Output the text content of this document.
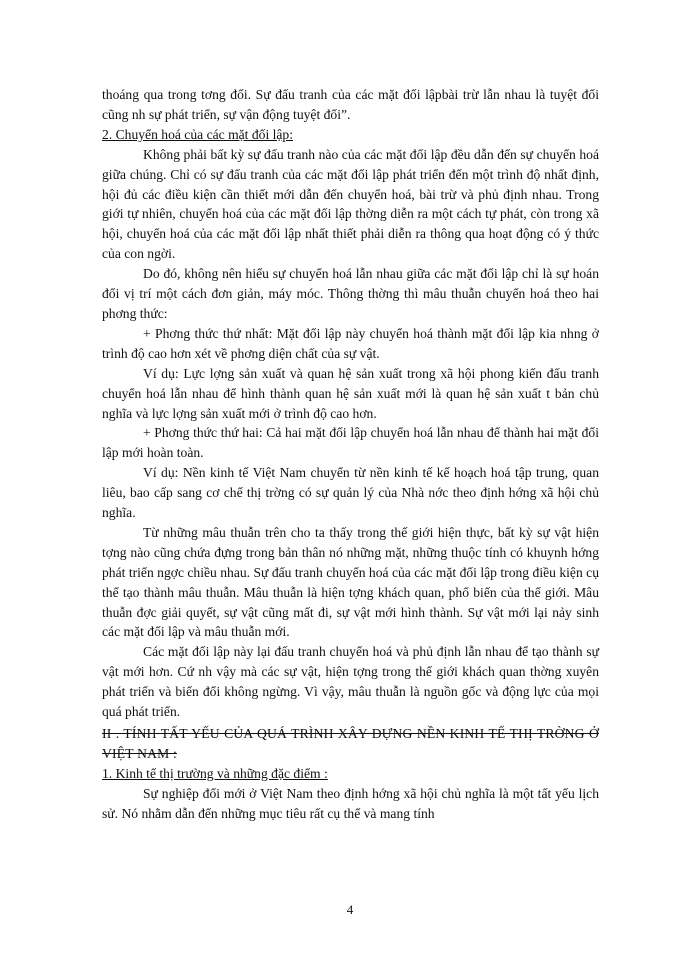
thoáng qua trong tơng đối. Sự đấu tranh của các mặt đối lậpbài trừ lẫn nhau là tuyệt đối cũng nh sự phát triển, sự vận động tuyệt đối”.

2. Chuyển hoá của các mặt đối lập:

Không phải bất kỳ sự đấu tranh nào của các mặt đối lập đều dẫn đến sự chuyển hoá giữa chúng. Chỉ có sự đấu tranh của các mặt đối lập phát triển đến một trình độ nhất định, hội đủ các điều kiện cần thiết mới dẫn đến chuyển hoá, bài trừ và phủ định nhau. Trong giới tự nhiên, chuyển hoá của các mặt đối lập thờng diễn ra một cách tự phát, còn trong xã hội, chuyển hoá của các mặt đối lập nhất thiết phải diễn ra thông qua hoạt động có ý thức của con ngời.

Do đó, không nên hiểu sự chuyển hoá lẫn nhau giữa các mặt đối lập chỉ là sự hoán đổi vị trí một cách đơn giản, máy móc. Thông thờng thì mâu thuẫn chuyển hoá theo hai phơng thức:

+ Phơng thức thứ nhất: Mặt đối lập này chuyển hoá thành mặt đối lập kia nhng ở trình độ cao hơn xét về phơng diện chất của sự vật.

Ví dụ: Lực lợng sản xuất và quan hệ sản xuất trong xã hội phong kiến đấu tranh chuyển hoá lẫn nhau để hình thành quan hệ sản xuất mới là quan hệ sản xuất t bản chủ nghĩa và lực lợng sản xuất mới ở trình độ cao hơn.

+ Phơng thức thứ hai: Cả hai mặt đối lập chuyển hoá lẫn nhau để thành hai mặt đối lập mới hoàn toàn.

Ví dụ: Nền kinh tế Việt Nam chuyển từ nền kinh tế kế hoạch hoá tập trung, quan liêu, bao cấp sang cơ chế thị trờng có sự quản lý của Nhà nớc theo định hớng xã hội chủ nghĩa.

Từ những mâu thuẫn trên cho ta thấy trong thế giới hiện thực, bất kỳ sự vật hiện tợng nào cũng chứa đựng trong bản thân nó những mặt, những thuộc tính có khuynh hớng phát triển ngợc chiều nhau. Sự đấu tranh chuyển hoá của các mặt đối lập trong điều kiện cụ thể tạo thành mâu thuẫn. Mâu thuẫn là hiện tợng khách quan, phổ biến của thế giới. Mâu thuẫn đợc giải quyết, sự vật cũng mất đi, sự vật mới hình thành. Sự vật mới lại nảy sinh các mặt đối lập và mâu thuẫn mới.

Các mặt đối lập này lại đấu tranh chuyển hoá và phủ định lẫn nhau để tạo thành sự vật mới hơn. Cứ nh vậy mà các sự vật, hiện tợng trong thế giới khách quan thờng xuyên phát triển và biến đổi không ngừng. Vì vậy, mâu thuẫn là nguồn gốc và động lực của mọi quá phát triển.

II . TÍNH TẤT YẾU CỦA QUÁ TRÌNH XÂY DỰNG NỀN KINH TẾ THỊ TRỜNG Ở VIỆT NAM :

1. Kinh tế thị trường và những đặc điểm :

Sự nghiệp đổi mới ở Việt Nam theo định hớng xã hội chủ nghĩa là một tất yếu lịch sử. Nó nhằm dẫn đến những mục tiêu rất cụ thể và mang tính

4
